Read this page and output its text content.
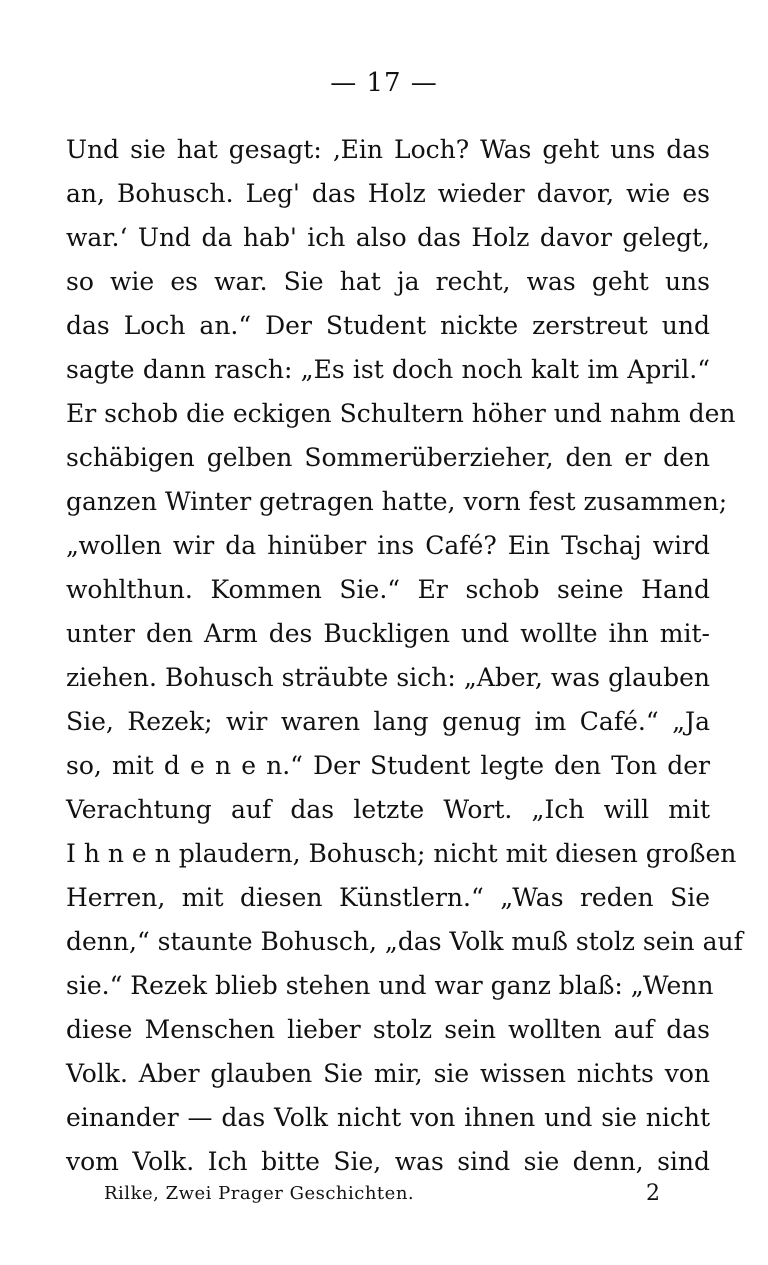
— 17 —
Und sie hat gesagt: ‚Ein Loch? Was geht uns das
an, Bohusch. Leg' das Holz wieder davor, wie es
war.‘ Und da hab' ich also das Holz davor gelegt,
so wie es war. Sie hat ja recht, was geht uns
das Loch an.“ Der Student nickte zerstreut und
sagte dann rasch: „Es ist doch noch kalt im April.“
Er schob die eckigen Schultern höher und nahm den
schäbigen gelben Sommerüberzieher, den er den
ganzen Winter getragen hatte, vorn fest zusammen;
„wollen wir da hinüber ins Café? Ein Tschaj wird
wohlthun. Kommen Sie.“ Er schob seine Hand
unter den Arm des Buckligen und wollte ihn mit-
ziehen. Bohusch sträubte sich: „Aber, was glauben
Sie, Rezek; wir waren lang genug im Café.“ „Ja
so, mit d e n e n.“ Der Student legte den Ton der
Verachtung auf das letzte Wort. „Ich will mit
I h n e n plaudern, Bohusch; nicht mit diesen großen
Herren, mit diesen Künstlern.“ „Was reden Sie
denn,“ staunte Bohusch, „das Volk muß stolz sein auf
sie.“ Rezek blieb stehen und war ganz blaß: „Wenn
diese Menschen lieber stolz sein wollten auf das
Volk. Aber glauben Sie mir, sie wissen nichts von
einander — das Volk nicht von ihnen und sie nicht
vom Volk. Ich bitte Sie, was sind sie denn, sind
Rilke, Zwei Prager Geschichten.	2
